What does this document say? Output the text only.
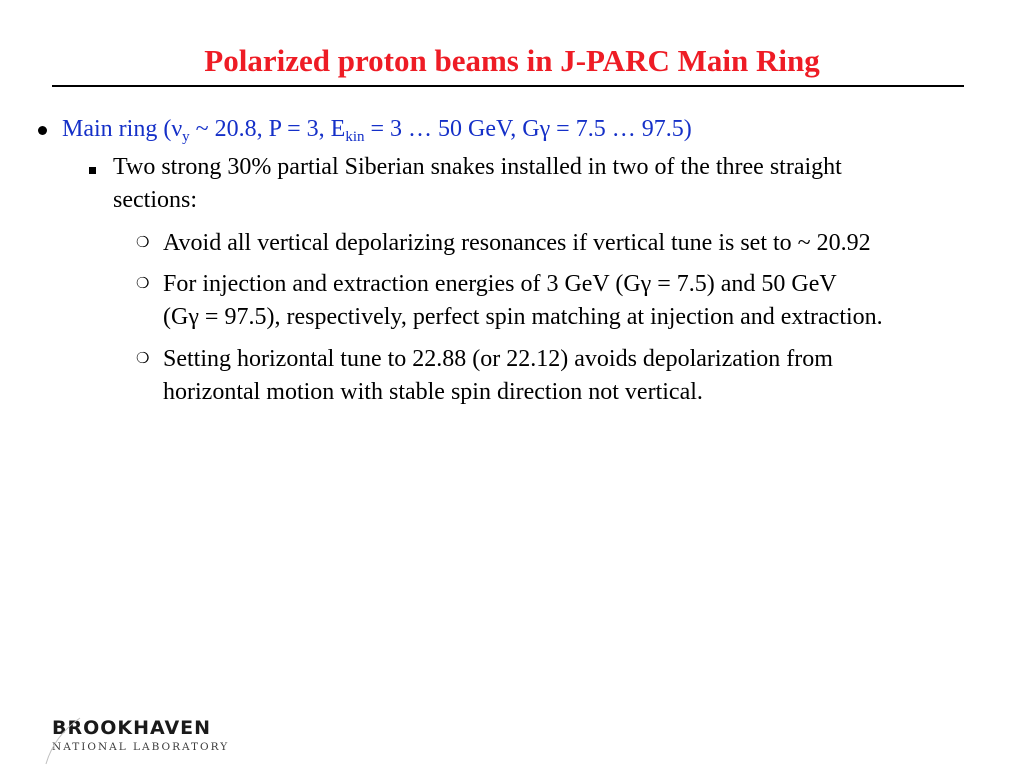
Polarized proton beams in J-PARC Main Ring
Main ring ($\nu_y$ ~ 20.8, P = 3, $E_{kin} = 3$ … 50 GeV, Gγ = 7.5 … 97.5)
Two strong 30% partial Siberian snakes installed in two of the three straight
sections:
❍ Avoid all vertical depolarizing resonances if vertical tune is set to ~ 20.92
❍ For injection and extraction energies of 3 GeV (Gγ = 7.5) and 50 GeV
(Gγ = 97.5), respectively, perfect spin matching at injection and extraction.
❍ Setting horizontal tune to 22.88 (or 22.12) avoids depolarization from
horizontal motion with stable spin direction not vertical.
BROOKHAVEN
NATIONAL LABORATORY
